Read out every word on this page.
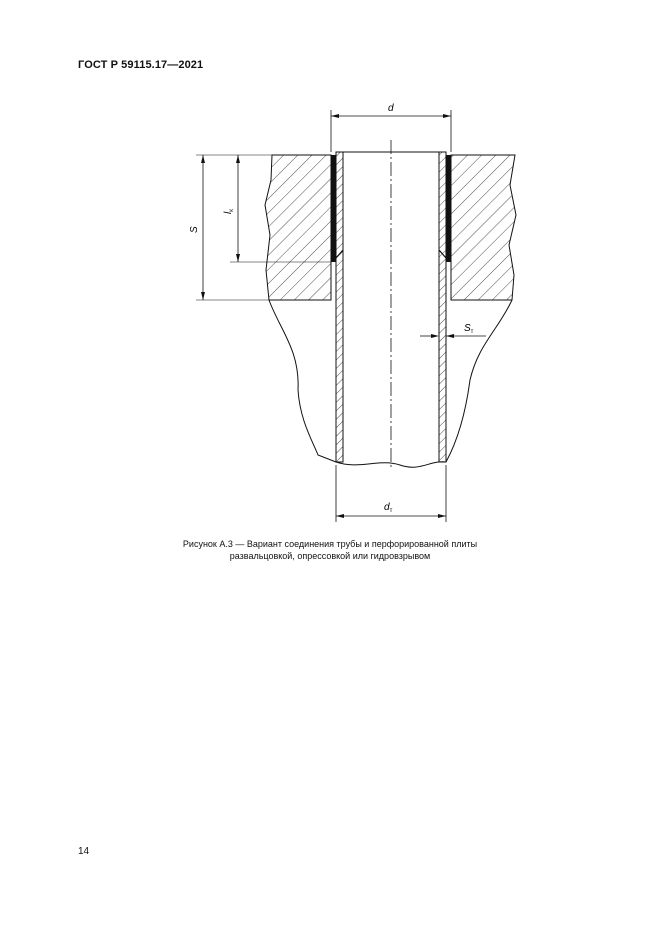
ГОСТ Р 59115.17—2021
d
S
$l_к$
$S_т$
$d_т$
Рисунок А.3 — Вариант соединения трубы и перфорированной плиты
развальцовкой, опрессовкой или гидровзрывом
14
